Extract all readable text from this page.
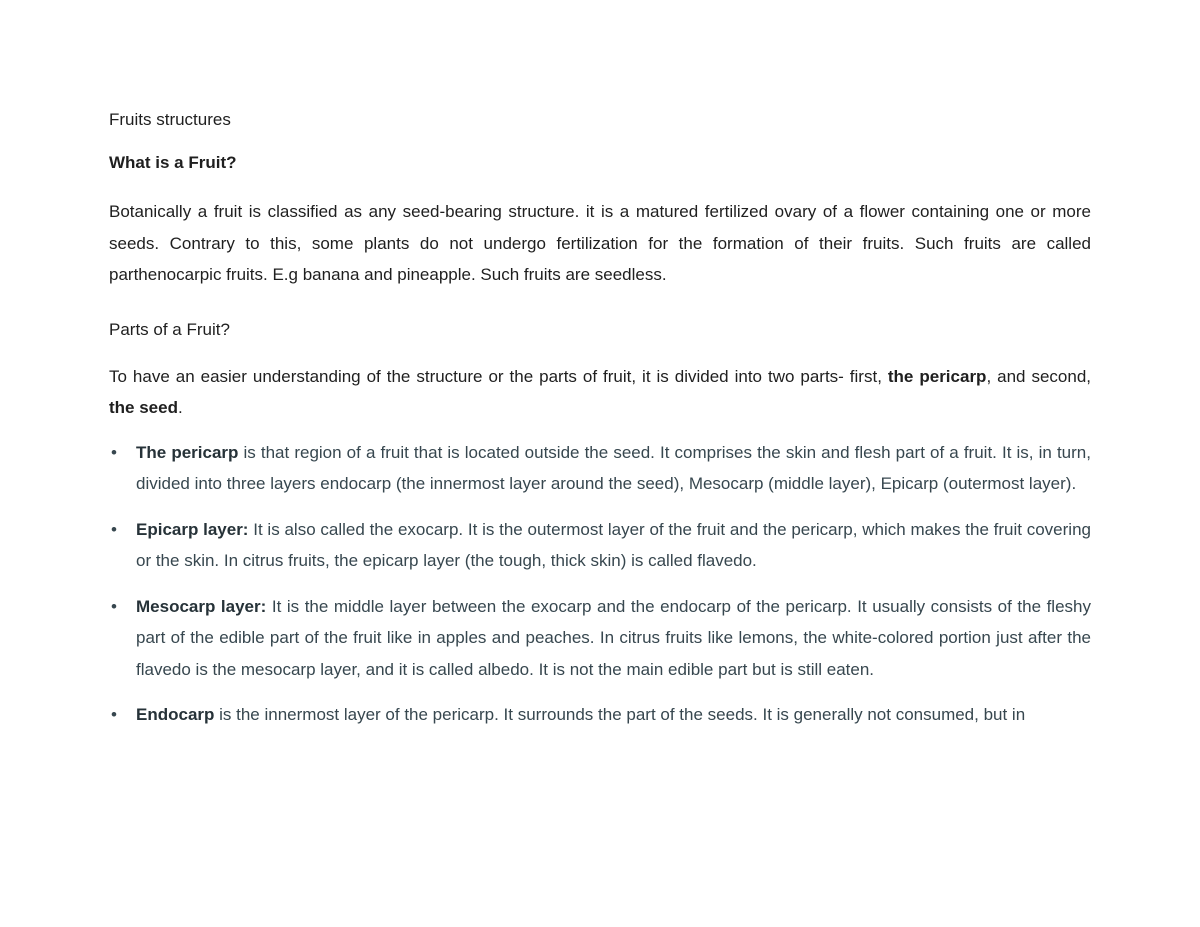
Fruits structures

What is a Fruit?

Botanically a fruit is classified as any seed-bearing structure. it is a matured fertilized ovary of a flower containing one or more seeds. Contrary to this, some plants do not undergo fertilization for the formation of their fruits. Such fruits are called parthenocarpic fruits. E.g banana and pineapple. Such fruits are seedless.

Parts of a Fruit?

To have an easier understanding of the structure or the parts of fruit, it is divided into two parts- first, the pericarp, and second, the seed.

• The pericarp is that region of a fruit that is located outside the seed. It comprises the skin and flesh part of a fruit. It is, in turn, divided into three layers endocarp (the innermost layer around the seed), Mesocarp (middle layer), Epicarp (outermost layer).
• Epicarp layer: It is also called the exocarp. It is the outermost layer of the fruit and the pericarp, which makes the fruit covering or the skin. In citrus fruits, the epicarp layer (the tough, thick skin) is called flavedo.
• Mesocarp layer: It is the middle layer between the exocarp and the endocarp of the pericarp. It usually consists of the fleshy part of the edible part of the fruit like in apples and peaches. In citrus fruits like lemons, the white-colored portion just after the flavedo is the mesocarp layer, and it is called albedo. It is not the main edible part but is still eaten.
• Endocarp is the innermost layer of the pericarp. It surrounds the part of the seeds. It is generally not consumed, but in
